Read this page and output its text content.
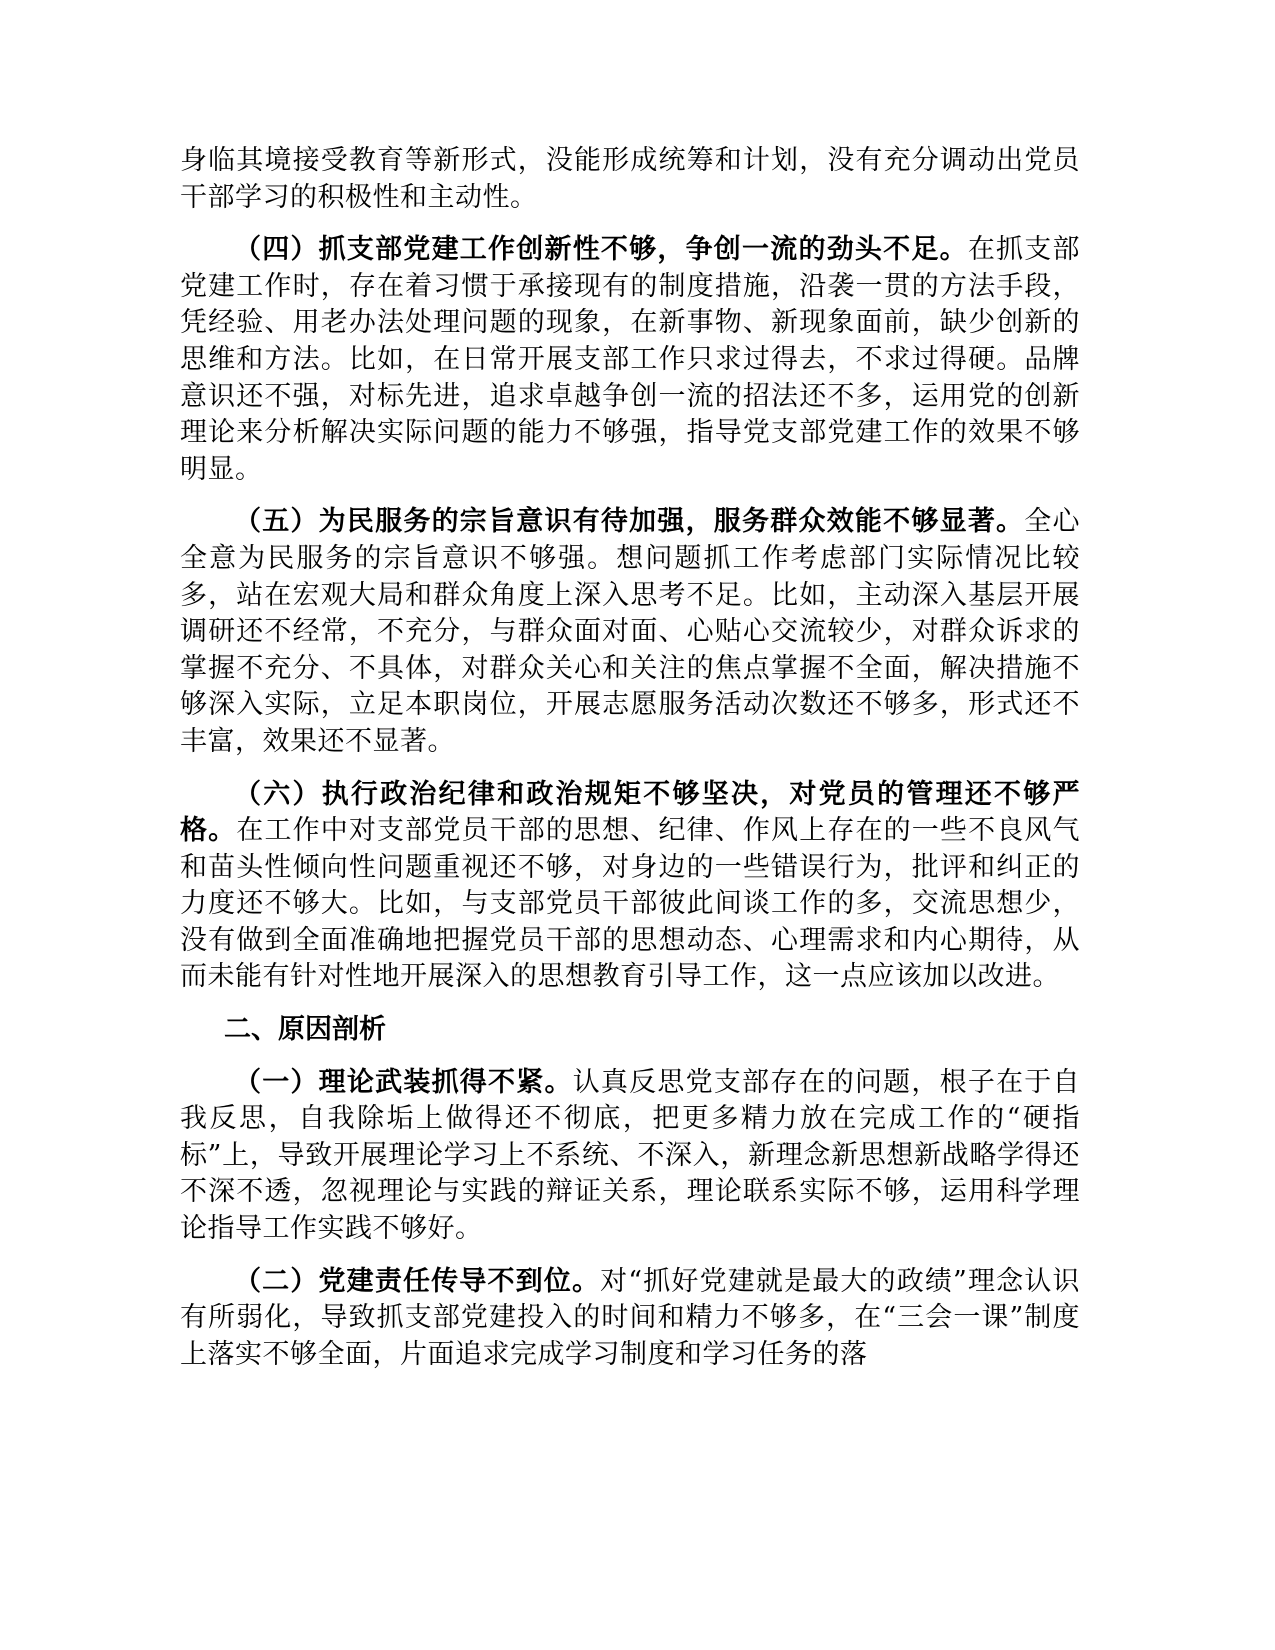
身临其境接受教育等新形式，没能形成统筹和计划，没有充分调动出党员干部学习的积极性和主动性。

（四）抓支部党建工作创新性不够，争创一流的劲头不足。在抓支部党建工作时，存在着习惯于承接现有的制度措施，沿袭一贯的方法手段，凭经验、用老办法处理问题的现象，在新事物、新现象面前，缺少创新的思维和方法。比如，在日常开展支部工作只求过得去，不求过得硬。品牌意识还不强，对标先进，追求卓越争创一流的招法还不多，运用党的创新理论来分析解决实际问题的能力不够强，指导党支部党建工作的效果不够明显。

（五）为民服务的宗旨意识有待加强，服务群众效能不够显著。全心全意为民服务的宗旨意识不够强。想问题抓工作考虑部门实际情况比较多，站在宏观大局和群众角度上深入思考不足。比如，主动深入基层开展调研还不经常，不充分，与群众面对面、心贴心交流较少，对群众诉求的掌握不充分、不具体，对群众关心和关注的焦点掌握不全面，解决措施不够深入实际，立足本职岗位，开展志愿服务活动次数还不够多，形式还不丰富，效果还不显著。

（六）执行政治纪律和政治规矩不够坚决，对党员的管理还不够严格。在工作中对支部党员干部的思想、纪律、作风上存在的一些不良风气和苗头性倾向性问题重视还不够，对身边的一些错误行为，批评和纠正的力度还不够大。比如，与支部党员干部彼此间谈工作的多，交流思想少，没有做到全面准确地把握党员干部的思想动态、心理需求和内心期待，从而未能有针对性地开展深入的思想教育引导工作，这一点应该加以改进。

二、原因剖析

（一）理论武装抓得不紧。认真反思党支部存在的问题，根子在于自我反思，自我除垢上做得还不彻底，把更多精力放在完成工作的“硬指标”上，导致开展理论学习上不系统、不深入，新理念新思想新战略学得还不深不透，忽视理论与实践的辩证关系，理论联系实际不够，运用科学理论指导工作实践不够好。

（二）党建责任传导不到位。对“抓好党建就是最大的政绩”理念认识有所弱化，导致抓支部党建投入的时间和精力不够多，在“三会一课”制度上落实不够全面，片面追求完成学习制度和学习任务的落
